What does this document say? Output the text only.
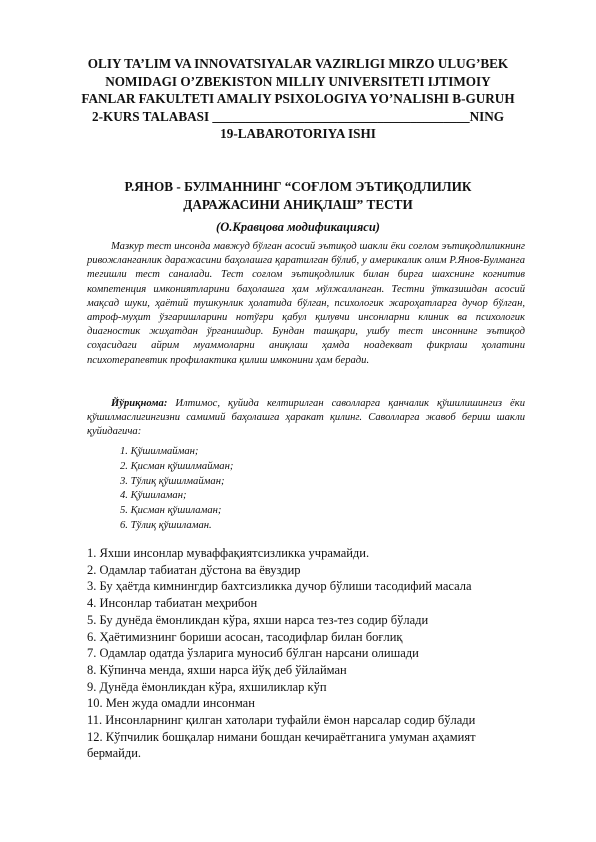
OLIY TA’LIM VA INNOVATSIYALAR VAZIRLIGI MIRZO ULUG’BEK
NOMIDAGI O’ZBEKISTON MILLIY UNIVERSITETI IJTIMOIY
FANLAR FAKULTETI AMALIY PSIXOLOGIYA YO’NALISHI B-GURUH
2-KURS TALABASI _______________________________________NING
19-LABAROTORIYA ISHI
Р.ЯНОВ - БУЛМАННИНГ “СОҒЛОМ ЭЪТИҚОДЛИЛИК
ДАРАЖАСИНИ АНИҚЛАШ” ТЕСТИ
(О.Кравцова модификацияси)

Мазкур тест инсонда мавжуд бўлган асосий эътиқод шакли ёки соғлом эътиқодлиликнинг ривожланганлик даражасини баҳолашга қаратилган бўлиб, у америкалик олим Р.Янов-Булманга тегишли тест саналади. Тест соғлом эътиқодлилик билан бирга шахснинг когнитив компетенция имкониятларини баҳолашга ҳам мўлжалланган. Тестни ўтказишдан асосий мақсад шуки, ҳаётий тушкунлик ҳолатида бўлган, психологик жароҳатларга дучор бўлган, атроф-муҳит ўзгаришларини нотўғри қабул қилувчи инсонларни клиник ва психологик диагностик жиҳатдан ўрганишдир. Бундан ташқари, ушбу тест инсоннинг эътиқод соҳасидаги айрим муаммоларни аниқлаш ҳамда ноадекват фикрлаш ҳолатини психотерапевтик профилактика қилиш имконини ҳам беради.

Йўриқнома: Илтимос, қуйида келтирилган саволларга қанчалик қўшилишингиз ёки қўшилмаслигингизни самимий баҳолашга ҳаракат қилинг. Саволларга жавоб бериш шакли қуйидагича:

1. Қўшилмайман;
2. Қисман қўшилмайман;
3. Тўлиқ қўшилмайман;
4. Қўшиламан;
5. Қисман қўшиламан;
6. Тўлиқ қўшиламан.
1. Яхши инсонлар муваффақиятсизликка учрамайди.
2. Одамлар табиатан дўстона ва ёвуздир
3. Бу ҳаётда кимнингдир бахтсизликка дучор бўлиши тасодифий масала
4. Инсонлар табиатан меҳрибон
5. Бу дунёда ёмонликдан кўра, яхши нарса тез-тез содир бўлади
6. Ҳаётимизнинг бориши асосан, тасодифлар билан боғлиқ
7. Одамлар одатда ўзларига муносиб бўлган нарсани олишади
8. Кўпинча менда, яхши нарса йўқ деб ўйлайман
9. Дунёда ёмонликдан кўра, яхшиликлар кўп
10. Мен жуда омадли инсонман
11. Инсонларнинг қилган хатолари туфайли ёмон нарсалар содир бўлади
12. Кўпчилик бошқалар нимани бошдан кечираётганига умуман аҳамият бермайди.
